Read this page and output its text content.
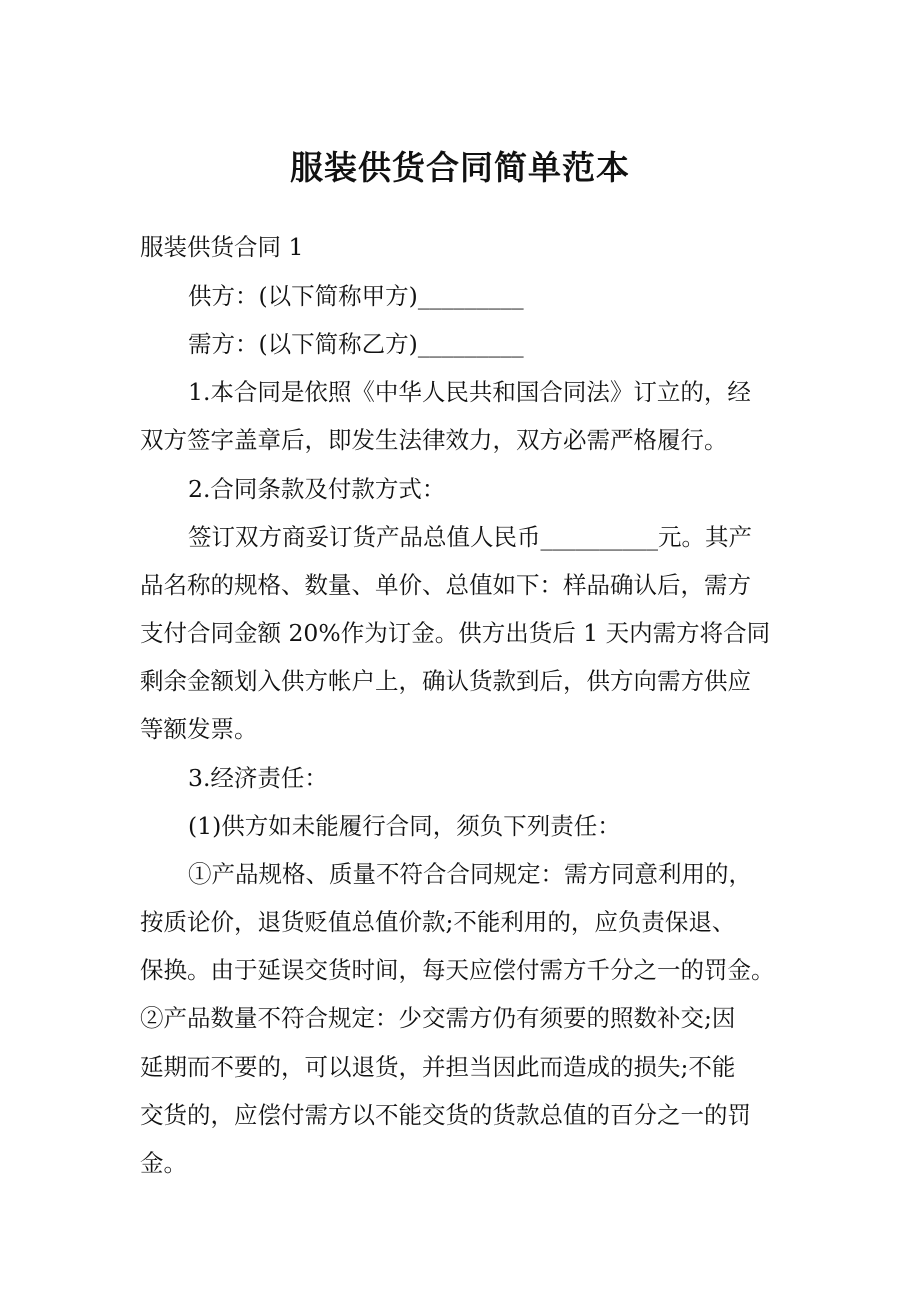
服装供货合同简单范本
服装供货合同 1
供方：(以下简称甲方)_________
需方：(以下简称乙方)_________
1.本合同是依照《中华人民共和国合同法》订立的，经
双方签字盖章后，即发生法律效力，双方必需严格履行。
2.合同条款及付款方式：
签订双方商妥订货产品总值人民币__________元。其产
品名称的规格、数量、单价、总值如下：样品确认后，需方
支付合同金额 20%作为订金。供方出货后 1 天内需方将合同
剩余金额划入供方帐户上，确认货款到后，供方向需方供应
等额发票。
3.经济责任：
(1)供方如未能履行合同，须负下列责任：
①产品规格、质量不符合合同规定：需方同意利用的，
按质论价，退货贬值总值价款;不能利用的，应负责保退、
保换。由于延误交货时间，每天应偿付需方千分之一的罚金。
②产品数量不符合规定：少交需方仍有须要的照数补交;因
延期而不要的，可以退货，并担当因此而造成的损失;不能
交货的，应偿付需方以不能交货的货款总值的百分之一的罚
金。
